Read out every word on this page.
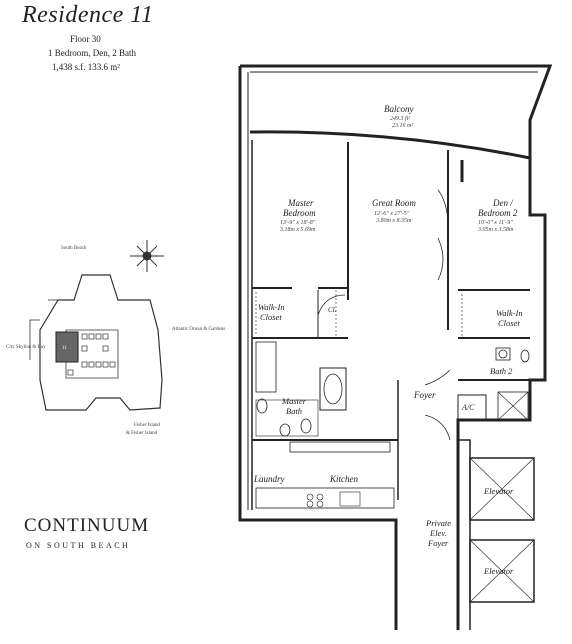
Residence 11
Floor 30
1 Bedroom, Den, 2 Bath
1,438 s.f. 133.6 m²
CONTINUUM
ON SOUTH BEACH
South Beach
City Skyline & Bay
Atlantic Ocean & Gardens
Fisher Island
& Fisher Island
11
Balcony
249.3 ft²
23.16 m²
Master
Bedroom
13'-9" x 18'-8"
3.18m x 5.69m
Great Room
12'-6" x 27'-5"
3.80m x 8.35m
Den /
Bedroom 2
10'-0" x 11'-9"
3.05m x 3.58m
Walk-In
Closet	Walk-In
Closet
Cl.
Master
Bath
Bath 2
A/C
Foyer
Laundry	Kitchen
Private
Elev.
Foyer
Elevator
Elevator
